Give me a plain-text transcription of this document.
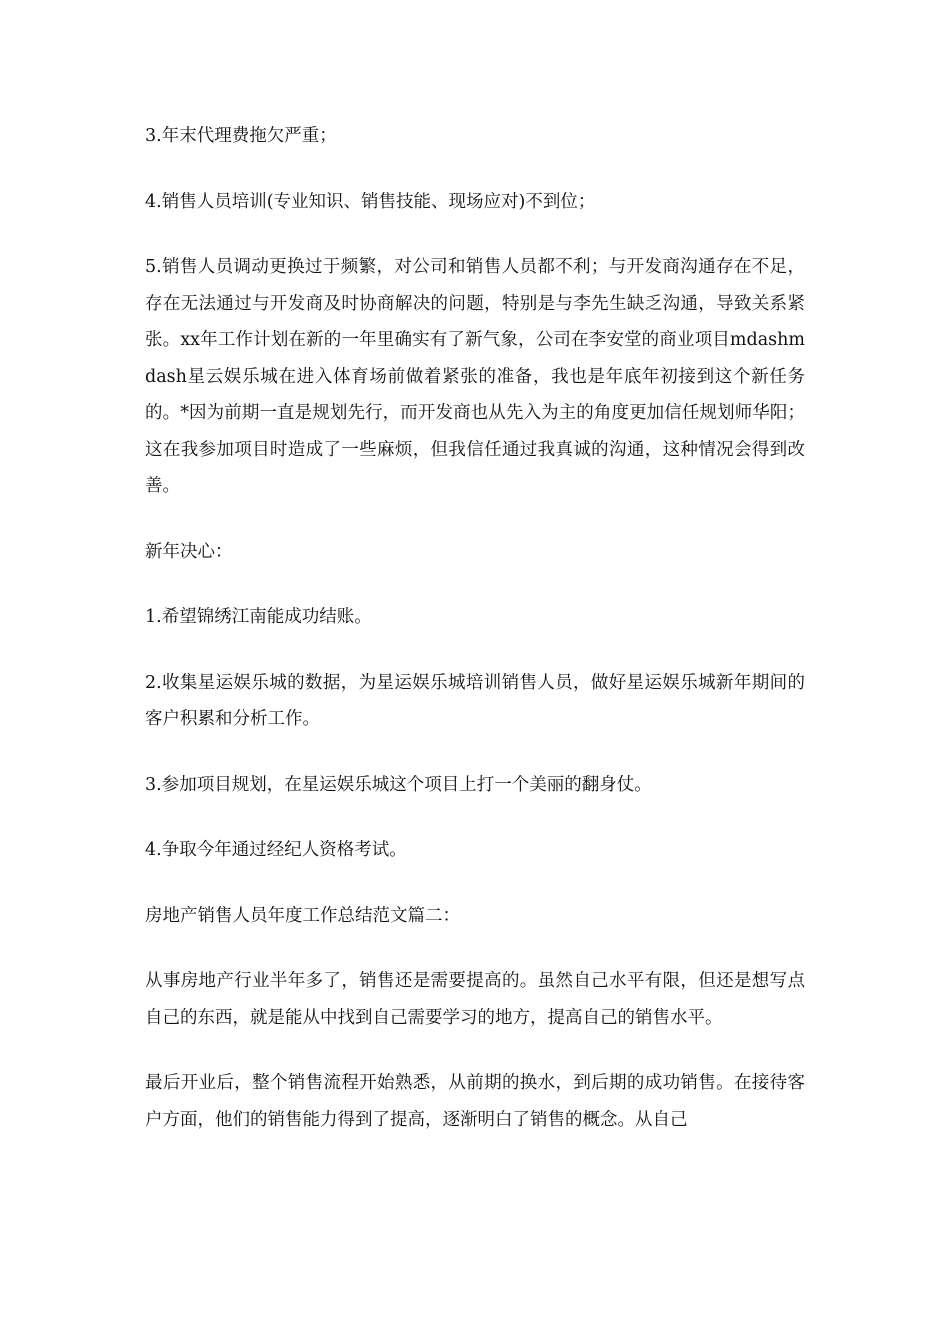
3.年末代理费拖欠严重；

4.销售人员培训(专业知识、销售技能、现场应对)不到位；

5.销售人员调动更换过于频繁，对公司和销售人员都不利；与开发商沟通存在不足，存在无法通过与开发商及时协商解决的问题，特别是与李先生缺乏沟通，导致关系紧张。xx年工作计划在新的一年里确实有了新气象，公司在李安堂的商业项目mdashmdash星云娱乐城在进入体育场前做着紧张的准备，我也是年底年初接到这个新任务的。*因为前期一直是规划先行，而开发商也从先入为主的角度更加信任规划师华阳；这在我参加项目时造成了一些麻烦，但我信任通过我真诚的沟通，这种情况会得到改善。

新年决心：

1.希望锦绣江南能成功结账。

2.收集星运娱乐城的数据，为星运娱乐城培训销售人员，做好星运娱乐城新年期间的客户积累和分析工作。

3.参加项目规划，在星运娱乐城这个项目上打一个美丽的翻身仗。

4.争取今年通过经纪人资格考试。

房地产销售人员年度工作总结范文篇二：

从事房地产行业半年多了，销售还是需要提高的。虽然自己水平有限，但还是想写点自己的东西，就是能从中找到自己需要学习的地方，提高自己的销售水平。

最后开业后，整个销售流程开始熟悉，从前期的换水，到后期的成功销售。在接待客户方面，他们的销售能力得到了提高，逐渐明白了销售的概念。从自己
